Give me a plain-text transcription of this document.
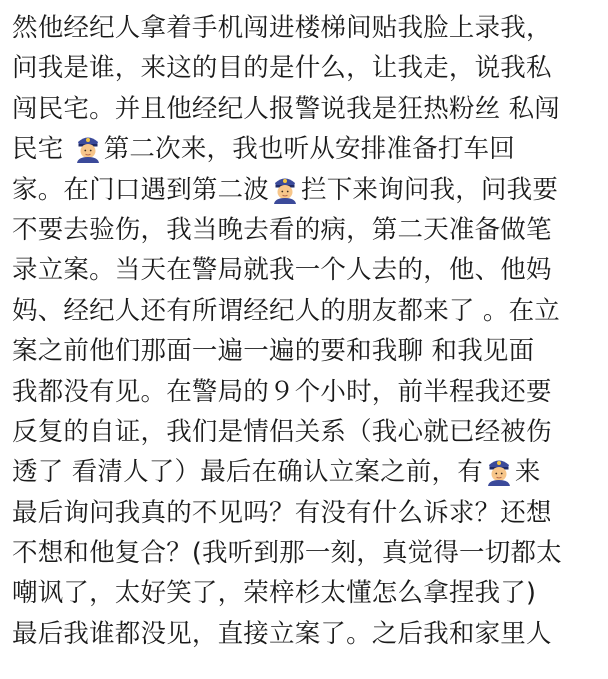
然他经纪人拿着手机闯进楼梯间贴我脸上录我，
问我是谁，来这的目的是什么，让我走，说我私
闯民宅。并且他经纪人报警说我是狂热粉丝 私闯
民宅
第二次来，我也听从安排准备打车回
家。在门口遇到第二波 拦下来询问我，问我要
不要去验伤，我当晚去看的病，第二天准备做笔
录立案。当天在警局就我一个人去的，他、他妈
妈、经纪人还有所谓经纪人的朋友都来了 。在立
案之前他们那面一遍一遍的要和我聊 和我见面
我都没有见。在警局的９个小时，前半程我还要
反复的自证，我们是情侣关系（我心就已经被伤
透了 看清人了）最后在确认立案之前，有 来
最后询问我真的不见吗？有没有什么诉求？还想
不想和他复合？(我听到那一刻，真觉得一切都太
嘲讽了，太好笑了，荣梓杉太懂怎么拿捏我了)
最后我谁都没见，直接立案了。之后我和家里人
